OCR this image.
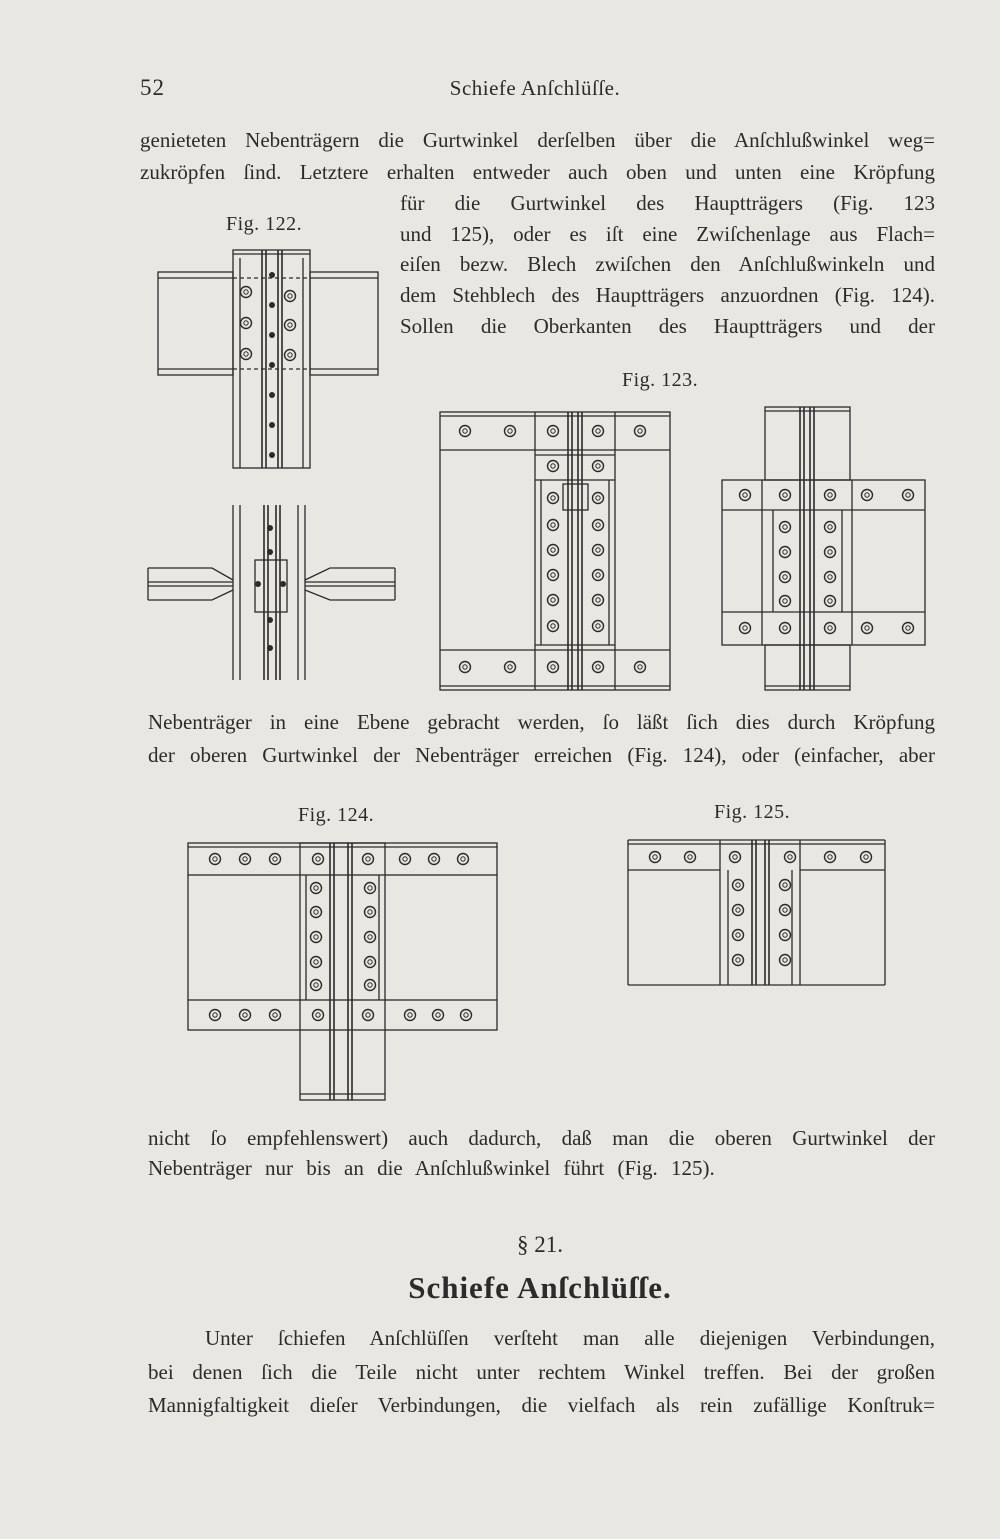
52	Schiefe Anſchlüſſe.
genieteten Nebenträgern die Gurtwinkel derſelben über die Anſchlußwinkel weg=
zukröpfen ſind. Letztere erhalten entweder auch oben und unten eine Kröpfung
für die Gurtwinkel des Hauptträgers (Fig. 123
und 125), oder es iſt eine Zwiſchenlage aus Flach=
eiſen bezw. Blech zwiſchen den Anſchlußwinkeln und
dem Stehblech des Hauptträgers anzuordnen (Fig. 124).
Sollen die Oberkanten des Hauptträgers und der
Fig. 122.
Fig. 123.
Fig. 124.	Fig. 125.
Nebenträger in eine Ebene gebracht werden, ſo läßt ſich dies durch Kröpfung
der oberen Gurtwinkel der Nebenträger erreichen (Fig. 124), oder (einfacher, aber
nicht ſo empfehlenswert) auch dadurch, daß man die oberen Gurtwinkel der
Nebenträger nur bis an die Anſchlußwinkel führt (Fig. 125).
§ 21.
Schiefe Anſchlüſſe.
Unter ſchiefen Anſchlüſſen verſteht man alle diejenigen Verbindungen,
bei denen ſich die Teile nicht unter rechtem Winkel treffen. Bei der großen
Mannigfaltigkeit dieſer Verbindungen, die vielfach als rein zufällige Konſtruk=
